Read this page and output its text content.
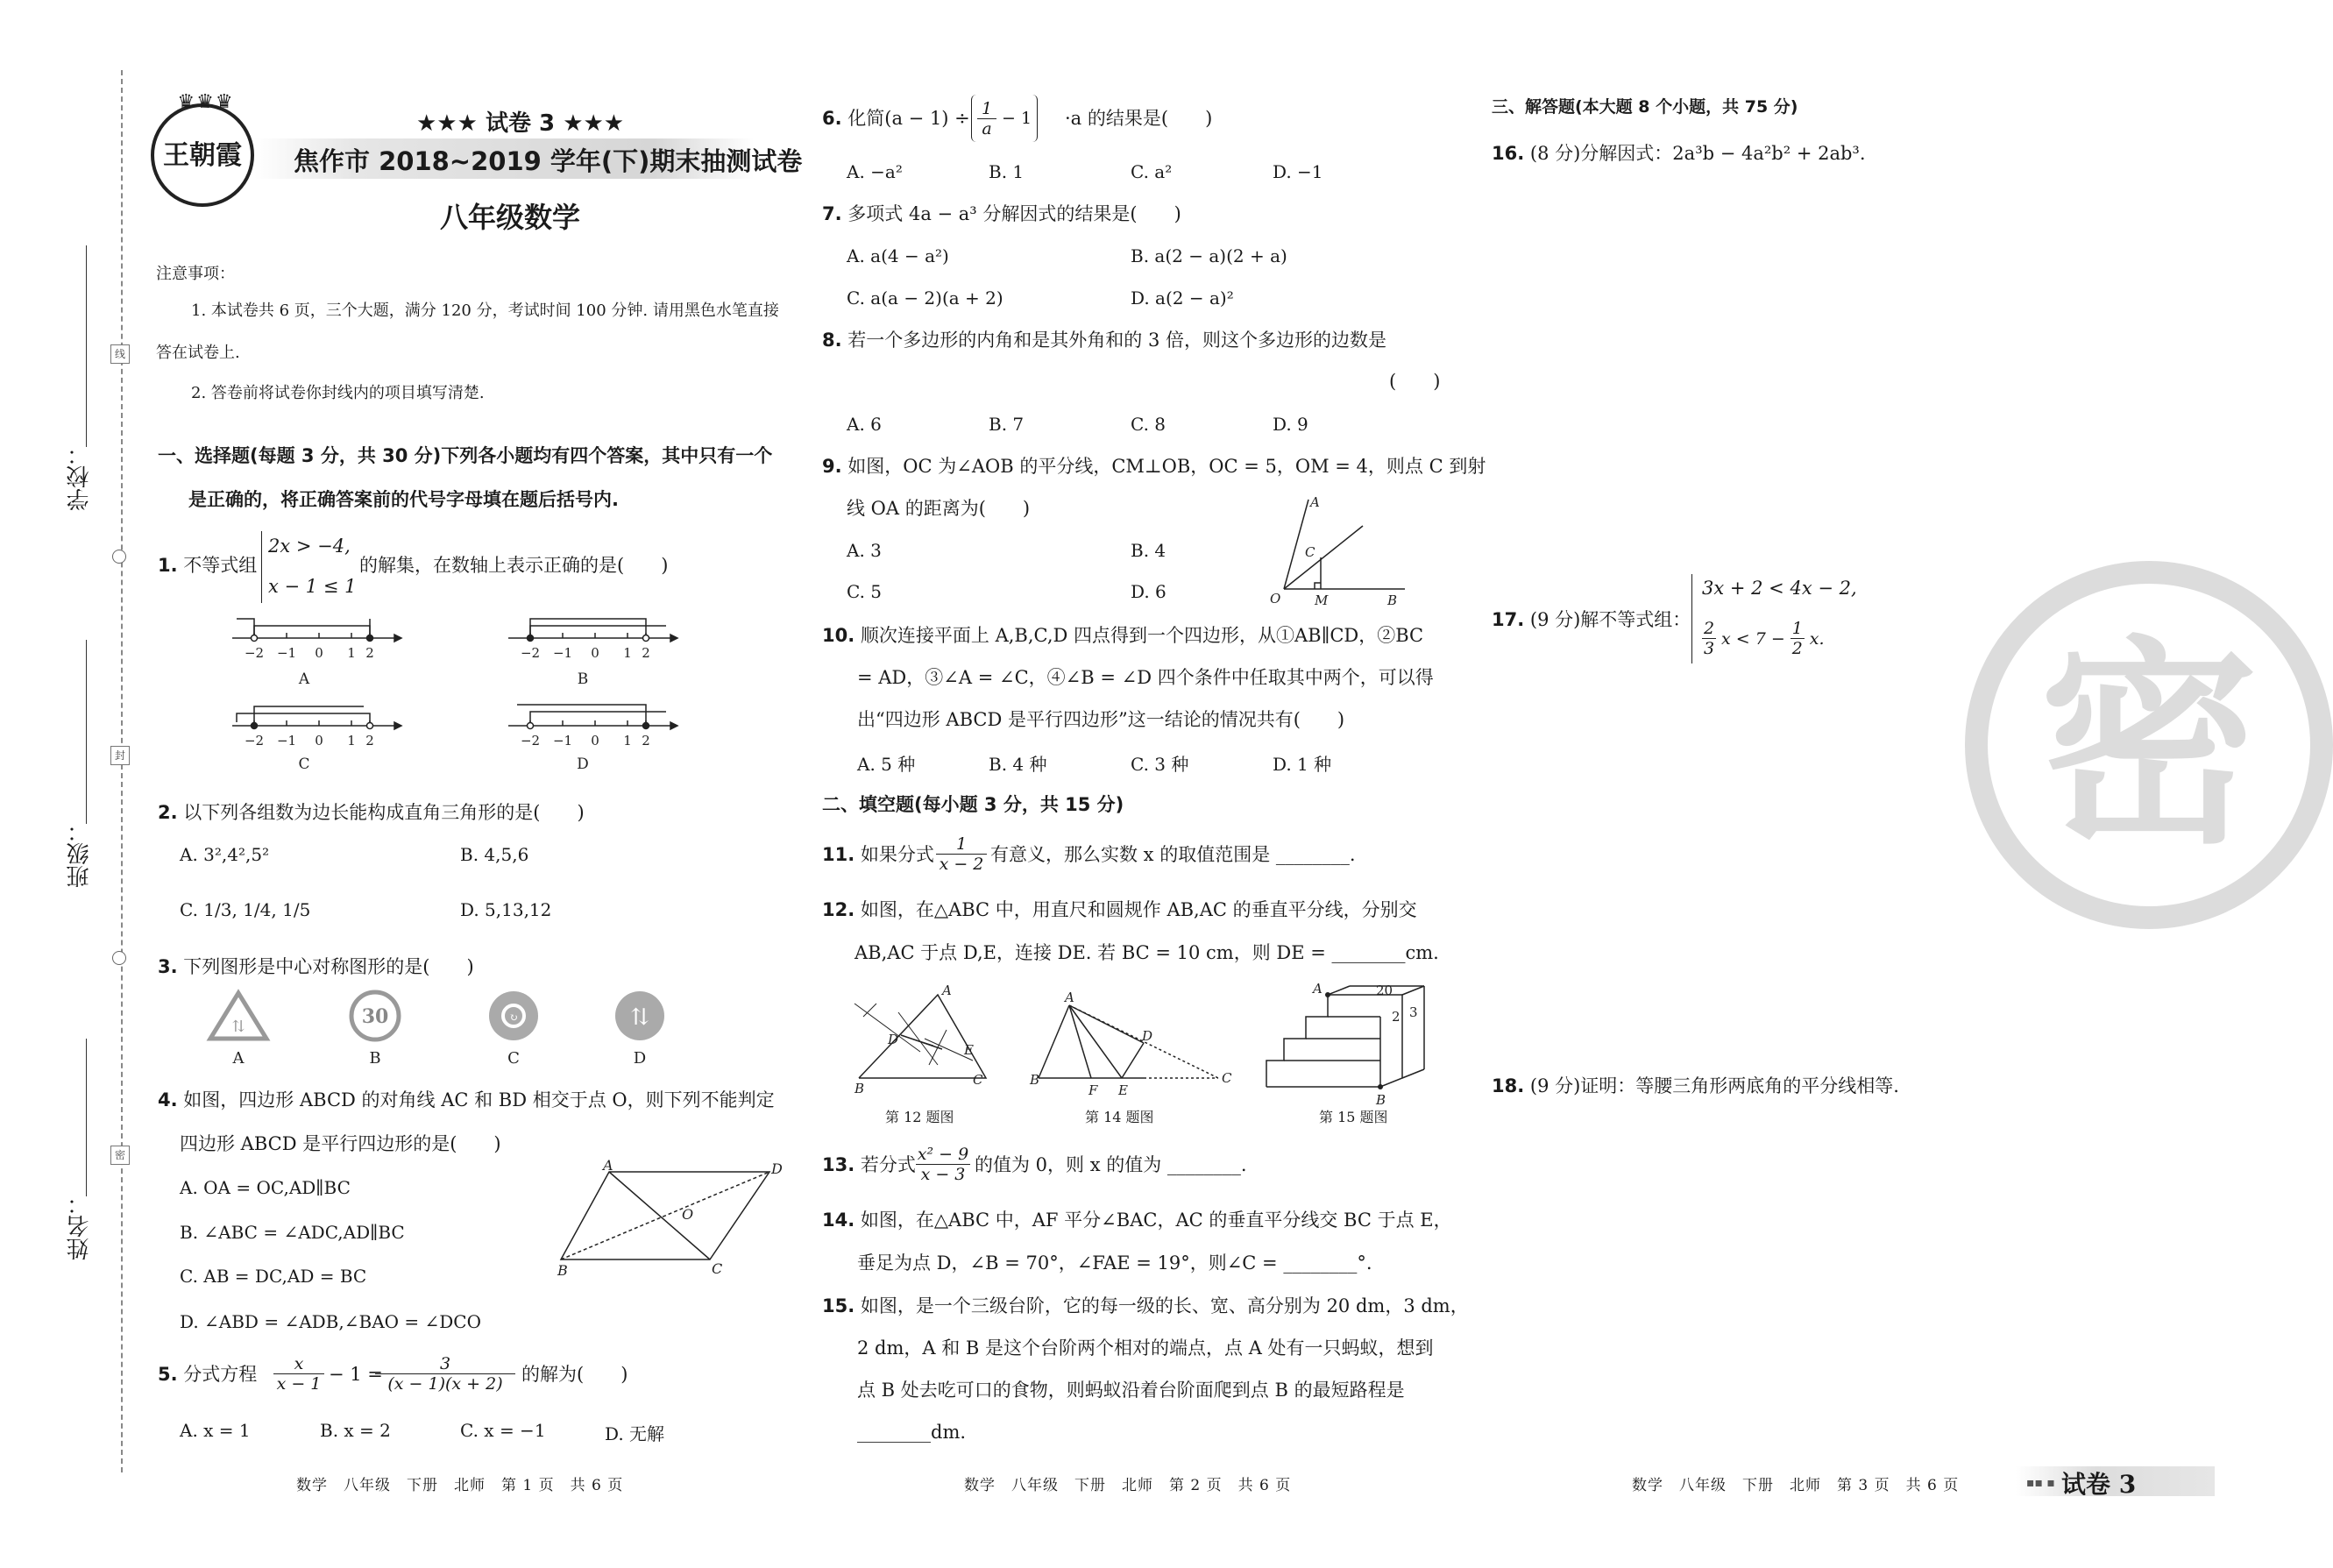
学校：
班级：
姓名：
线
封
密
♛♛♛
王朝霞
★★★ 试卷 3 ★★★
焦作市 2018~2019 学年(下)期末抽测试卷
八年级数学
注意事项：
1. 本试卷共 6 页，三个大题，满分 120 分，考试时间 100 分钟. 请用黑色水笔直接
答在试卷上.
2. 答卷前将试卷你封线内的项目填写清楚.
一、选择题(每题 3 分，共 30 分)下列各小题均有四个答案，其中只有一个
是正确的，将正确答案前的代号字母填在题后括号内.
1. 不等式组
2x > −4,
x − 1 ≤ 1
的解集，在数轴上表示正确的是(　　)
−2 −1 0 1 2	−2 −1 0 1 2
−2 −1 0 1 2	−2 −1 0 1 2
A	B
C	D
2. 以下列各组数为边长能构成直角三角形的是(　　)
A. 3²,4²,5²	B. 4,5,6
C. 1/3, 1/4, 1/5	D. 5,13,12
3. 下列图形是中心对称图形的是(　　)
⇅	30	↻	⇅
A	B	C	D
4. 如图，四边形 ABCD 的对角线 AC 和 BD 相交于点 O，则下列不能判定
四边形 ABCD 是平行四边形的是(　　)
A. OA = OC,AD∥BC
B. ∠ABC = ∠ADC,AD∥BC
C. AB = DC,AD = BC
D. ∠ABD = ∠ADB,∠BAO = ∠DCO
A	D
O
B	C
5. 分式方程	x
x − 1 − 1 =	3
(x − 1)(x + 2)	的解为(　　)
A. x = 1	B. x = 2	C. x = −1	D. 无解
6. 化简(a − 1) ÷ 1
a
− 1 ·a 的结果是(　　)
A. −a²	B. 1	C. a²	D. −1
7. 多项式 4a − a³ 分解因式的结果是(　　)
A. a(4 − a²)	B. a(2 − a)(2 + a)
C. a(a − 2)(a + 2)	D. a(2 − a)²
8. 若一个多边形的内角和是其外角和的 3 倍，则这个多边形的边数是
(　　)
A. 6	B. 7	C. 8	D. 9
9. 如图，OC 为∠AOB 的平分线，CM⊥OB，OC = 5，OM = 4，则点 C 到射
线 OA 的距离为(　　)
A. 3	B. 4
C. 5	D. 6
A
C
O	M	B
10. 顺次连接平面上 A,B,C,D 四点得到一个四边形，从①AB∥CD，②BC
= AD，③∠A = ∠C，④∠B = ∠D 四个条件中任取其中两个，可以得
出“四边形 ABCD 是平行四边形”这一结论的情况共有(　　)
A. 5 种	B. 4 种	C. 3 种	D. 1 种
二、填空题(每小题 3 分，共 15 分)
11. 如果分式	1
x − 2 有意义，那么实数 x 的取值范围是 ________.
12. 如图，在△ABC 中，用直尺和圆规作 AB,AC 的垂直平分线，分别交
AB,AC 于点 D,E，连接 DE. 若 BC = 10 cm，则 DE = ________cm.
A
D
E
B
C
A
D
B
F E
C
A
B
20
2 3
第 12 题图	第 14 题图	第 15 题图
13. 若分式 x² − 9
x − 3 的值为 0，则 x 的值为 ________.
14. 如图，在△ABC 中，AF 平分∠BAC，AC 的垂直平分线交 BC 于点 E，
垂足为点 D，∠B = 70°，∠FAE = 19°，则∠C = ________°.
15. 如图，是一个三级台阶，它的每一级的长、宽、高分别为 20 dm，3 dm，
2 dm，A 和 B 是这个台阶两个相对的端点，点 A 处有一只蚂蚁，想到
点 B 处去吃可口的食物，则蚂蚁沿着台阶面爬到点 B 的最短路程是
________dm.
三、解答题(本大题 8 个小题，共 75 分)
16. (8 分)分解因式：2a³b − 4a²b² + 2ab³.
17. (9 分)解不等式组：
3x + 2 < 4x − 2,
2
3
$x < 7 - \frac{1}{2} x$.
18. (9 分)证明：等腰三角形两底角的平分线相等.
密
数学　八年级　下册　北师　第 1 页　共 6 页	数学　八年级　下册　北师　第 2 页　共 6 页	数学　八年级　下册　北师　第 3 页　共 6 页	▪▪ ▪ 试卷 3
